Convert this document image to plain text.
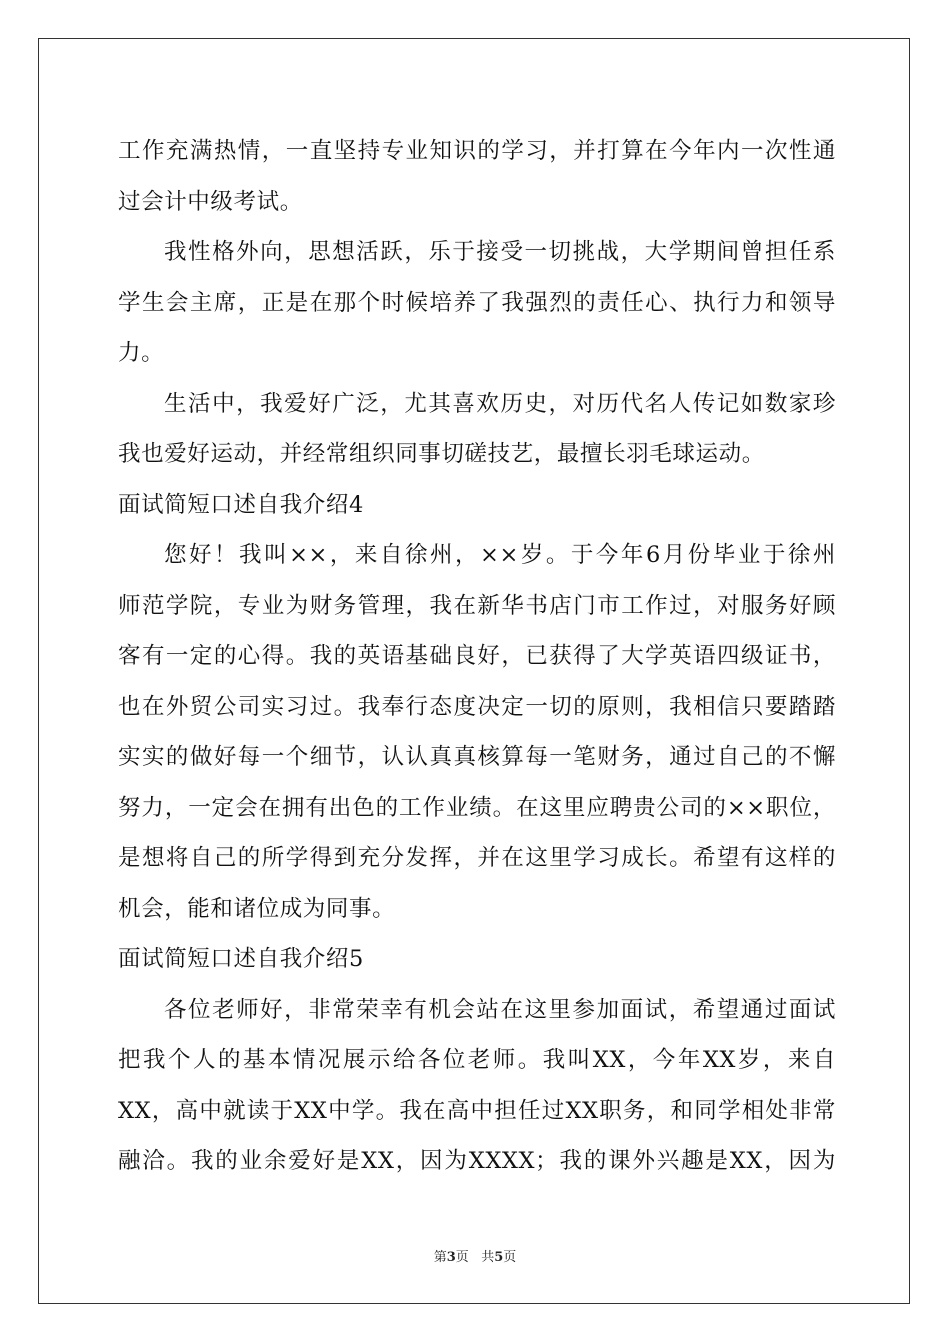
工作充满热情，一直坚持专业知识的学习，并打算在今年内一次性通
过会计中级考试。
我性格外向，思想活跃，乐于接受一切挑战，大学期间曾担任系
学生会主席，正是在那个时候培养了我强烈的责任心、执行力和领导
力。
生活中，我爱好广泛，尤其喜欢历史，对历代名人传记如数家珍
我也爱好运动，并经常组织同事切磋技艺，最擅长羽毛球运动。
面试简短口述自我介绍4
您好！我叫××，来自徐州，××岁。于今年6月份毕业于徐州
师范学院，专业为财务管理，我在新华书店门市工作过，对服务好顾
客有一定的心得。我的英语基础良好，已获得了大学英语四级证书，
也在外贸公司实习过。我奉行态度决定一切的原则，我相信只要踏踏
实实的做好每一个细节，认认真真核算每一笔财务，通过自己的不懈
努力，一定会在拥有出色的工作业绩。在这里应聘贵公司的××职位，
是想将自己的所学得到充分发挥，并在这里学习成长。希望有这样的
机会，能和诸位成为同事。
面试简短口述自我介绍5
各位老师好，非常荣幸有机会站在这里参加面试，希望通过面试
把我个人的基本情况展示给各位老师。我叫XX，今年XX岁，来自
XX，高中就读于XX中学。我在高中担任过XX职务，和同学相处非常
融洽。我的业余爱好是XX，因为XXXX；我的课外兴趣是XX，因为
第3页 共5页
